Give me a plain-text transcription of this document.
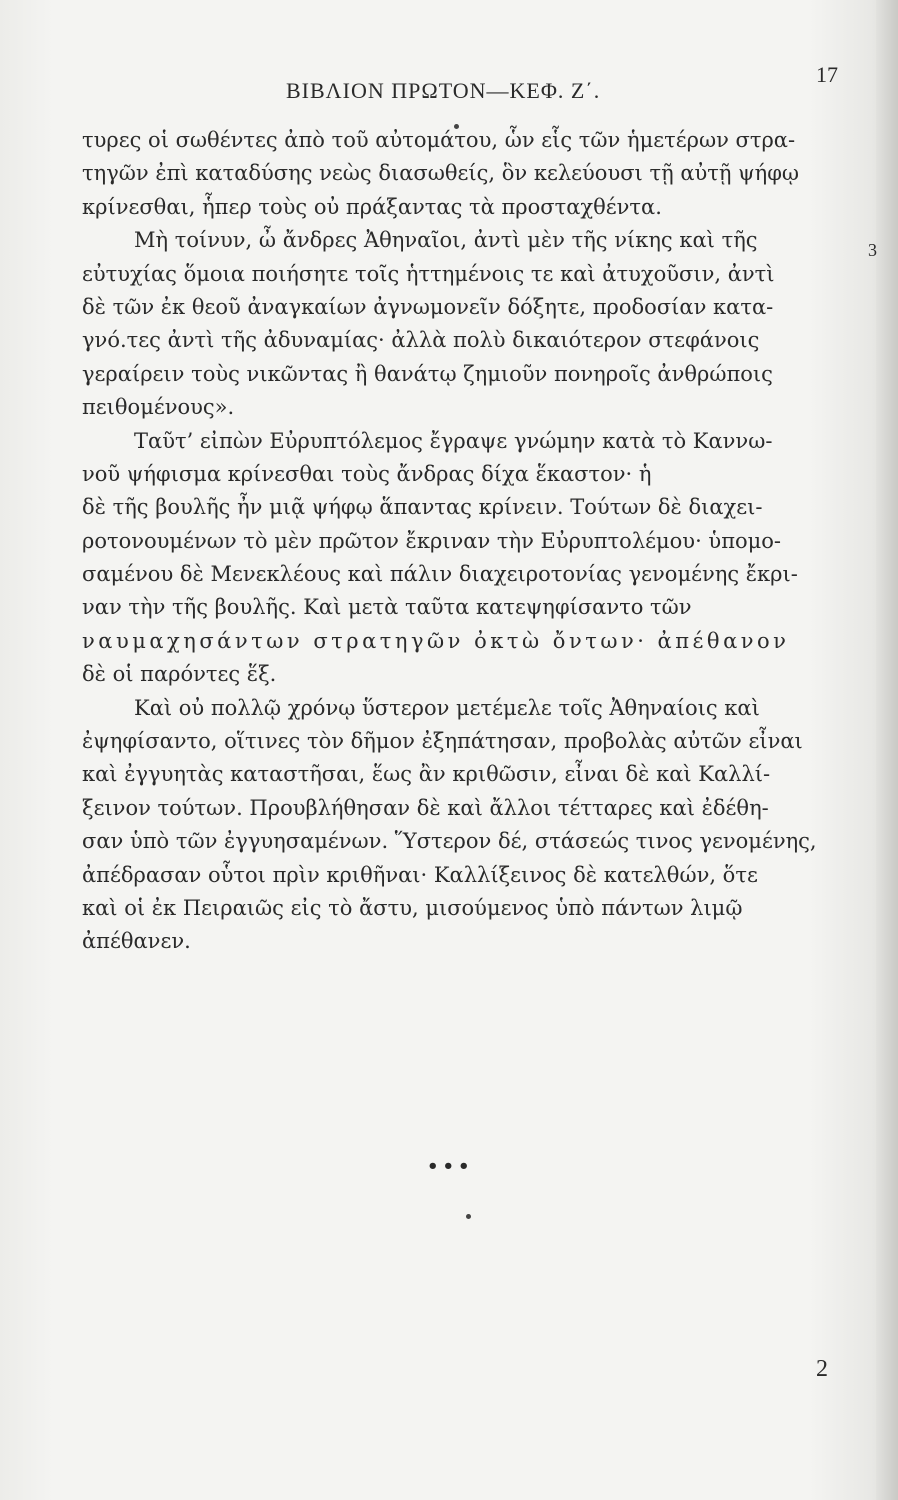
ΒΙΒΛΙΟΝ ΠΡΩΤΟΝ—ΚΕΦ. Ζ΄.
17
3
τυρες οἱ σωθέντες ἀπὸ τοῦ αὐτομάτου, ὧν εἷς τῶν ἡμετέρων στρα-
τηγῶν ἐπὶ καταδύσης νεὼς διασωθείς, ὃν κελεύουσι τῇ αὐτῇ ψήφῳ
κρίνεσθαι, ἧπερ τοὺς οὐ πράξαντας τὰ προσταχθέντα.
Μὴ τοίνυν, ὦ ἄνδρες Ἀθηναῖοι, ἀντὶ μὲν τῆς νίκης καὶ τῆς
εὐτυχίας ὅμοια ποιήσητε τοῖς ἡττημένοις τε καὶ ἀτυχοῦσιν, ἀντὶ
δὲ τῶν ἐκ θεοῦ ἀναγκαίων ἀγνωμονεῖν δόξητε, προδοσίαν κατα-
γνό.τες ἀντὶ τῆς ἀδυναμίας· ἀλλὰ πολὺ δικαιότερον στεφάνοις
γεραίρειν τοὺς νικῶντας ἢ θανάτῳ ζημιοῦν πονηροῖς ἀνθρώποις
πειθομένους».
Ταῦτ’ εἰπὼν Εὐρυπτόλεμος ἔγραψε γνώμην κατὰ τὸ Καννω-
νοῦ ψήφισμα κρίνεσθαι τοὺς ἄνδρας δίχα ἕκαστον· ἡ
δὲ τῆς βουλῆς ἦν μιᾷ ψήφῳ ἅπαντας κρίνειν. Τούτων δὲ διαχει-
ροτονουμένων τὸ μὲν πρῶτον ἔκριναν τὴν Εὐρυπτολέμου· ὑπομο-
σαμένου δὲ Μενεκλέους καὶ πάλιν διαχειροτονίας γενομένης ἔκρι-
ναν τὴν τῆς βουλῆς. Καὶ μετὰ ταῦτα κατεψηφίσαντο τῶν
ναυμαχησάντων στρατηγῶν ὀκτὼ ὄντων· ἀπέθανον
δὲ οἱ παρόντες ἕξ.
Καὶ οὐ πολλῷ χρόνῳ ὕστερον μετέμελε τοῖς Ἀθηναίοις καὶ
ἐψηφίσαντο, οἵτινες τὸν δῆμον ἐξηπάτησαν, προβολὰς αὐτῶν εἶναι
καὶ ἐγγυητὰς καταστῆσαι, ἕως ἂν κριθῶσιν, εἶναι δὲ καὶ Καλλί-
ξεινον τούτων. Προυβλήθησαν δὲ καὶ ἄλλοι τέτταρες καὶ ἐδέθη-
σαν ὑπὸ τῶν ἐγγυησαμένων. Ὕστερον δέ, στάσεώς τινος γενομένης,
ἀπέδρασαν οὗτοι πρὶν κριθῆναι· Καλλίξεινος δὲ κατελθών, ὅτε
καὶ οἱ ἐκ Πειραιῶς εἰς τὸ ἄστυ, μισούμενος ὑπὸ πάντων λιμῷ
ἀπέθανεν.
•••
2
